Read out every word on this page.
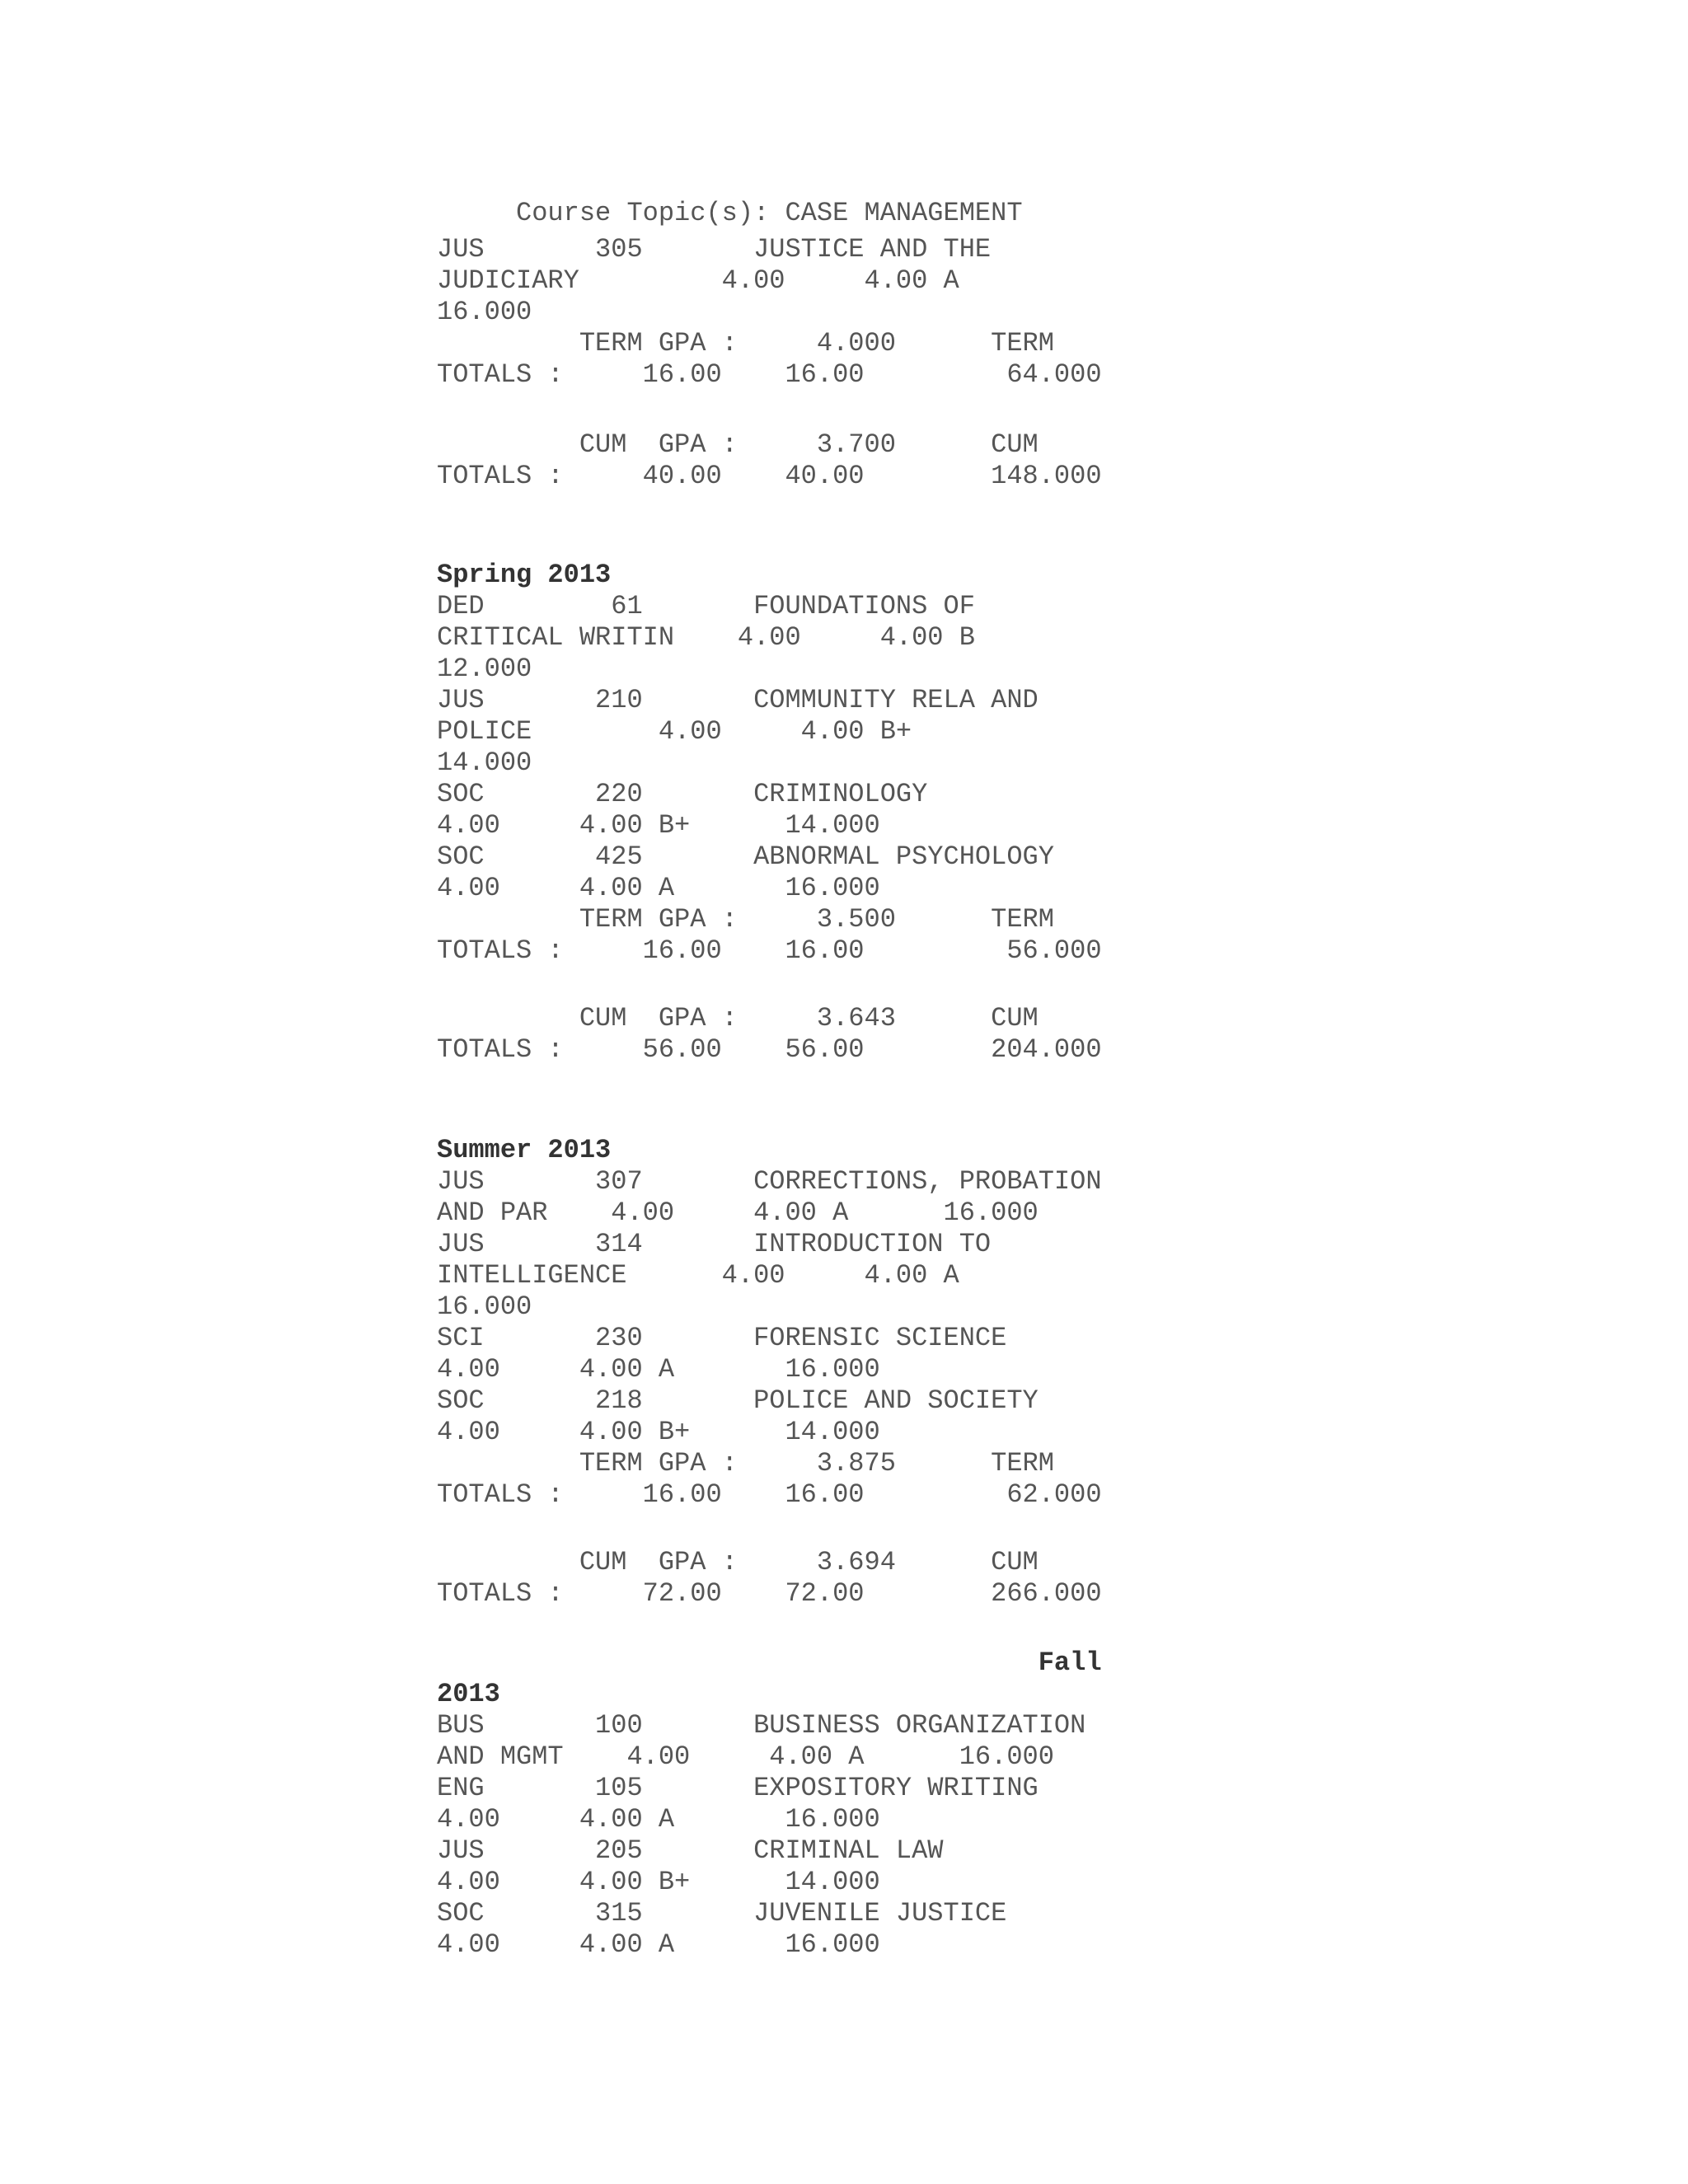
Course Topic(s): CASE MANAGEMENT
JUS       305       JUSTICE AND THE
JUDICIARY         4.00     4.00 A
16.000
TERM GPA :     4.000      TERM
TOTALS :     16.00    16.00         64.000
CUM  GPA :     3.700      CUM
TOTALS :     40.00    40.00        148.000
Spring 2013
DED        61       FOUNDATIONS OF
CRITICAL WRITIN    4.00     4.00 B
12.000
JUS       210       COMMUNITY RELA AND
POLICE        4.00     4.00 B+
14.000
SOC       220       CRIMINOLOGY
4.00     4.00 B+      14.000
SOC       425       ABNORMAL PSYCHOLOGY
4.00     4.00 A       16.000
TERM GPA :     3.500      TERM
TOTALS :     16.00    16.00         56.000
CUM  GPA :     3.643      CUM
TOTALS :     56.00    56.00        204.000
Summer 2013
JUS       307       CORRECTIONS, PROBATION
AND PAR    4.00     4.00 A      16.000
JUS       314       INTRODUCTION TO
INTELLIGENCE      4.00     4.00 A
16.000
SCI       230       FORENSIC SCIENCE
4.00     4.00 A       16.000
SOC       218       POLICE AND SOCIETY
4.00     4.00 B+      14.000
TERM GPA :     3.875      TERM
TOTALS :     16.00    16.00         62.000
CUM  GPA :     3.694      CUM
TOTALS :     72.00    72.00        266.000
Fall
2013
BUS       100       BUSINESS ORGANIZATION
AND MGMT    4.00     4.00 A      16.000
ENG       105       EXPOSITORY WRITING
4.00     4.00 A       16.000
JUS       205       CRIMINAL LAW
4.00     4.00 B+      14.000
SOC       315       JUVENILE JUSTICE
4.00     4.00 A       16.000
